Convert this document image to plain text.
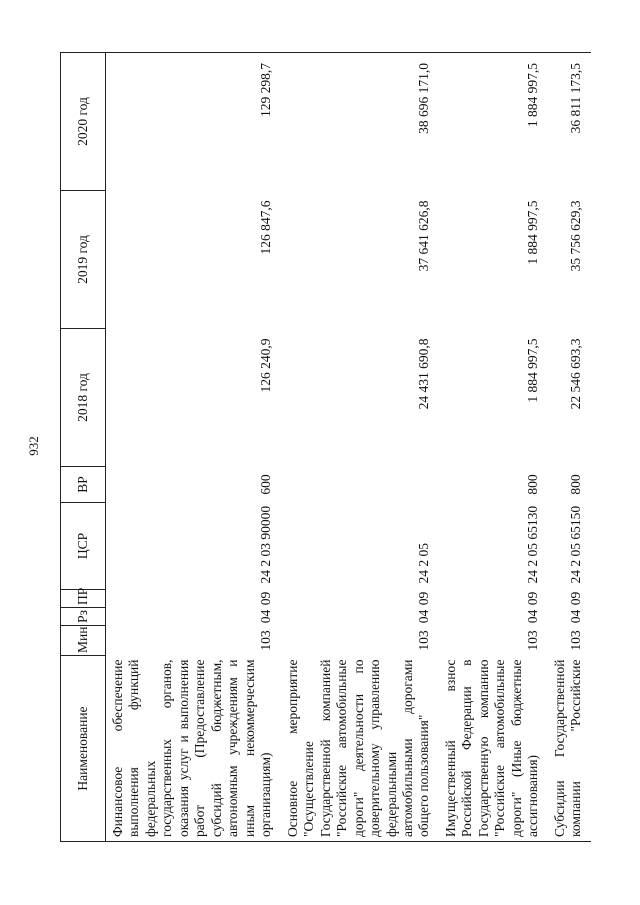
932
Наименование	Мин	Рз	ПР	ЦСР	ВР	2018 год	2019 год	2020 год
Финансовое обеспечение выполнения функций федеральных государственных органов, оказания услуг и выполнения работ (Предоставление субсидий бюджетным, автономным учреждениям и иным некоммерческим организациям)	103	04	09	24 2 03 90000	600	126 240,9	126 847,6	129 298,7
Основное мероприятие "Осуществление Государственной компанией "Российские автомобильные дороги" деятельности по доверительному управлению федеральными автомобильными дорогами общего пользования"	103	04	09	24 2 05		24 431 690,8	37 641 626,8	38 696 171,0
Имущественный взнос Российской Федерации в Государственную компанию "Российские автомобильные дороги" (Иные бюджетные ассигнования)	103	04	09	24 2 05 65130	800	1 884 997,5	1 884 997,5	1 884 997,5
Субсидии Государственной компании "Российские	103	04	09	24 2 05 65150	800	22 546 693,3	35 756 629,3	36 811 173,5
